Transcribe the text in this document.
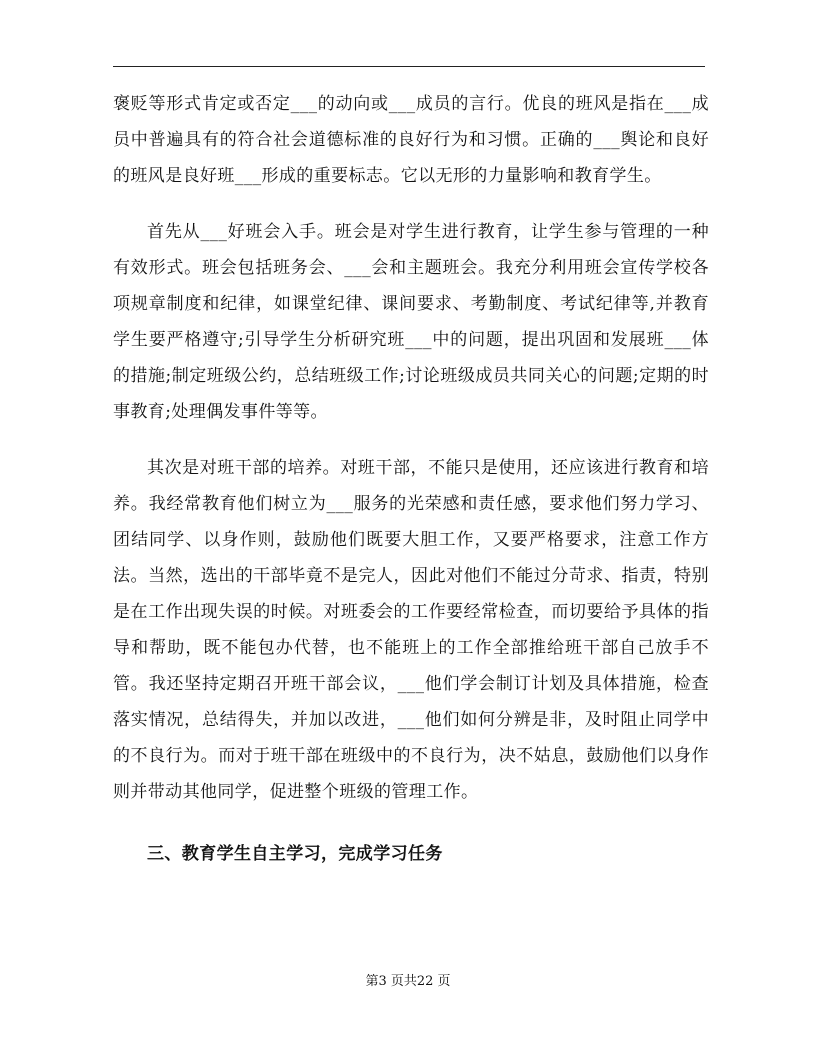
褒贬等形式肯定或否定___的动向或___成员的言行。优良的班风是指在___成员中普遍具有的符合社会道德标准的良好行为和习惯。正确的___舆论和良好的班风是良好班___形成的重要标志。它以无形的力量影响和教育学生。

首先从___好班会入手。班会是对学生进行教育，让学生参与管理的一种有效形式。班会包括班务会、___会和主题班会。我充分利用班会宣传学校各项规章制度和纪律，如课堂纪律、课间要求、考勤制度、考试纪律等,并教育学生要严格遵守;引导学生分析研究班___中的问题，提出巩固和发展班___体的措施;制定班级公约，总结班级工作;讨论班级成员共同关心的问题;定期的时事教育;处理偶发事件等等。

其次是对班干部的培养。对班干部，不能只是使用，还应该进行教育和培养。我经常教育他们树立为___服务的光荣感和责任感，要求他们努力学习、团结同学、以身作则，鼓励他们既要大胆工作，又要严格要求，注意工作方法。当然，选出的干部毕竟不是完人，因此对他们不能过分苛求、指责，特别是在工作出现失误的时候。对班委会的工作要经常检查，而切要给予具体的指导和帮助，既不能包办代替，也不能班上的工作全部推给班干部自己放手不管。我还坚持定期召开班干部会议，___他们学会制订计划及具体措施，检查落实情况，总结得失，并加以改进，___他们如何分辨是非，及时阻止同学中的不良行为。而对于班干部在班级中的不良行为，决不姑息，鼓励他们以身作则并带动其他同学，促进整个班级的管理工作。

三、教育学生自主学习，完成学习任务

第3 页共22 页
